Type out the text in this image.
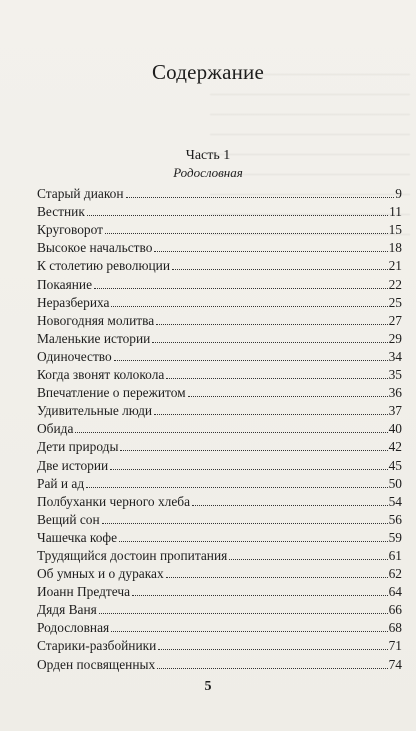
Содержание
Часть 1
Родословная
Старый диакон	9
Вестник	11
Круговорот	15
Высокое начальство	18
К столетию революции	21
Покаяние	22
Неразбериха	25
Новогодняя молитва	27
Маленькие истории	29
Одиночество	34
Когда звонят колокола	35
Впечатление о пережитом	36
Удивительные люди	37
Обида	40
Дети природы	42
Две истории	45
Рай и ад	50
Полбуханки черного хлеба	54
Вещий сон	56
Чашечка кофе	59
Трудящийся достоин пропитания	61
Об умных и о дураках	62
Иоанн Предтеча	64
Дядя Ваня	66
Родословная	68
Старики-разбойники	71
Орден посвященных	74
5
